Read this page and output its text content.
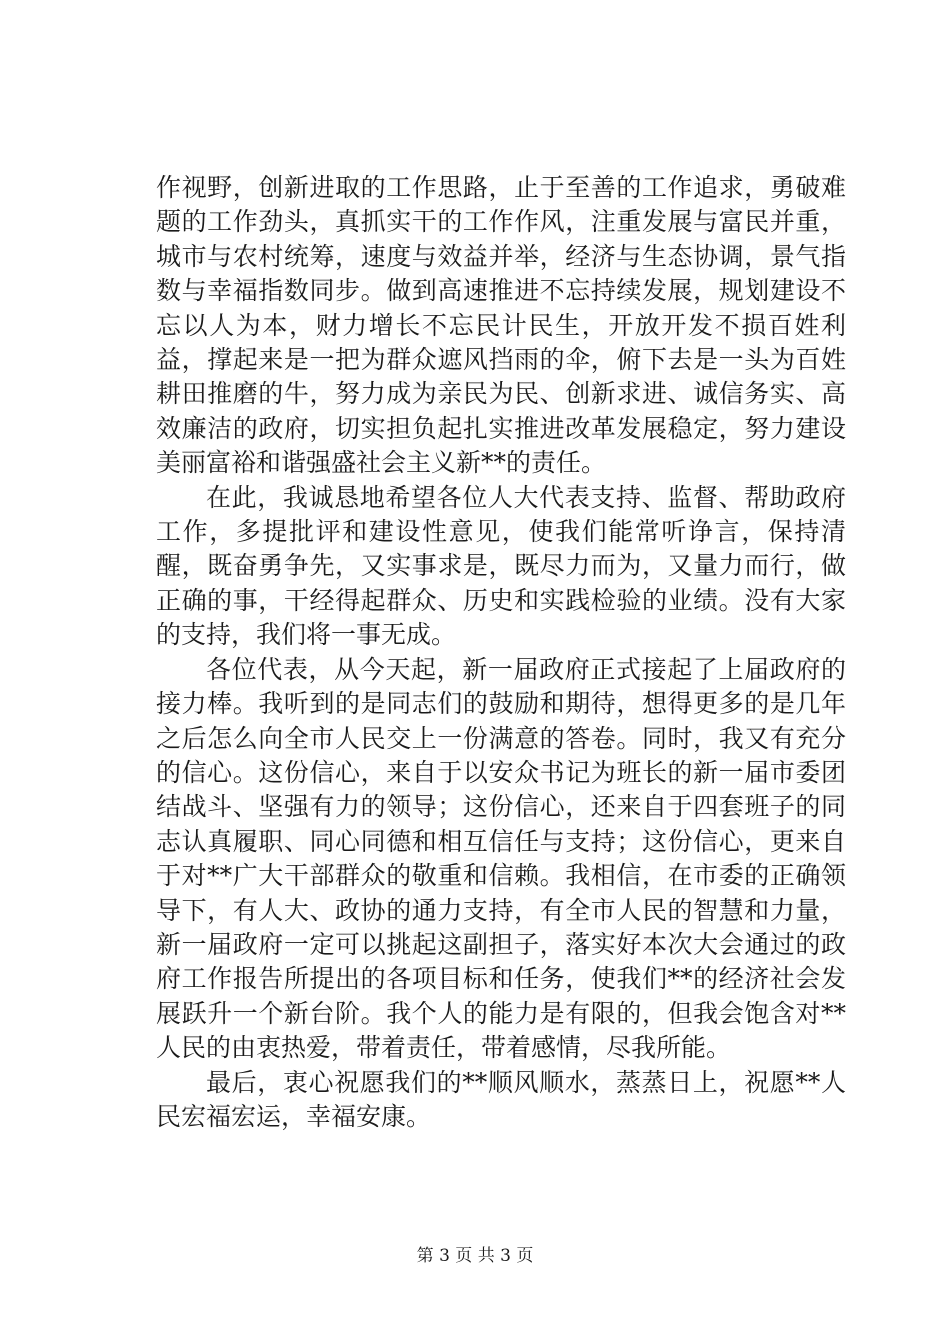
作视野，创新进取的工作思路，止于至善的工作追求，勇破难题的工作劲头，真抓实干的工作作风，注重发展与富民并重，城市与农村统筹，速度与效益并举，经济与生态协调，景气指数与幸福指数同步。做到高速推进不忘持续发展，规划建设不忘以人为本，财力增长不忘民计民生，开放开发不损百姓利益，撑起来是一把为群众遮风挡雨的伞，俯下去是一头为百姓耕田推磨的牛，努力成为亲民为民、创新求进、诚信务实、高效廉洁的政府，切实担负起扎实推进改革发展稳定，努力建设美丽富裕和谐强盛社会主义新**的责任。

在此，我诚恳地希望各位人大代表支持、监督、帮助政府工作，多提批评和建设性意见，使我们能常听诤言，保持清醒，既奋勇争先，又实事求是，既尽力而为，又量力而行，做正确的事，干经得起群众、历史和实践检验的业绩。没有大家的支持，我们将一事无成。

各位代表，从今天起，新一届政府正式接起了上届政府的接力棒。我听到的是同志们的鼓励和期待，想得更多的是几年之后怎么向全市人民交上一份满意的答卷。同时，我又有充分的信心。这份信心，来自于以安众书记为班长的新一届市委团结战斗、坚强有力的领导；这份信心，还来自于四套班子的同志认真履职、同心同德和相互信任与支持；这份信心，更来自于对**广大干部群众的敬重和信赖。我相信，在市委的正确领导下，有人大、政协的通力支持，有全市人民的智慧和力量，新一届政府一定可以挑起这副担子，落实好本次大会通过的政府工作报告所提出的各项目标和任务，使我们**的经济社会发展跃升一个新台阶。我个人的能力是有限的，但我会饱含对**人民的由衷热爱，带着责任，带着感情，尽我所能。

最后，衷心祝愿我们的**顺风顺水，蒸蒸日上，祝愿**人民宏福宏运，幸福安康。

第 3 页 共 3 页
